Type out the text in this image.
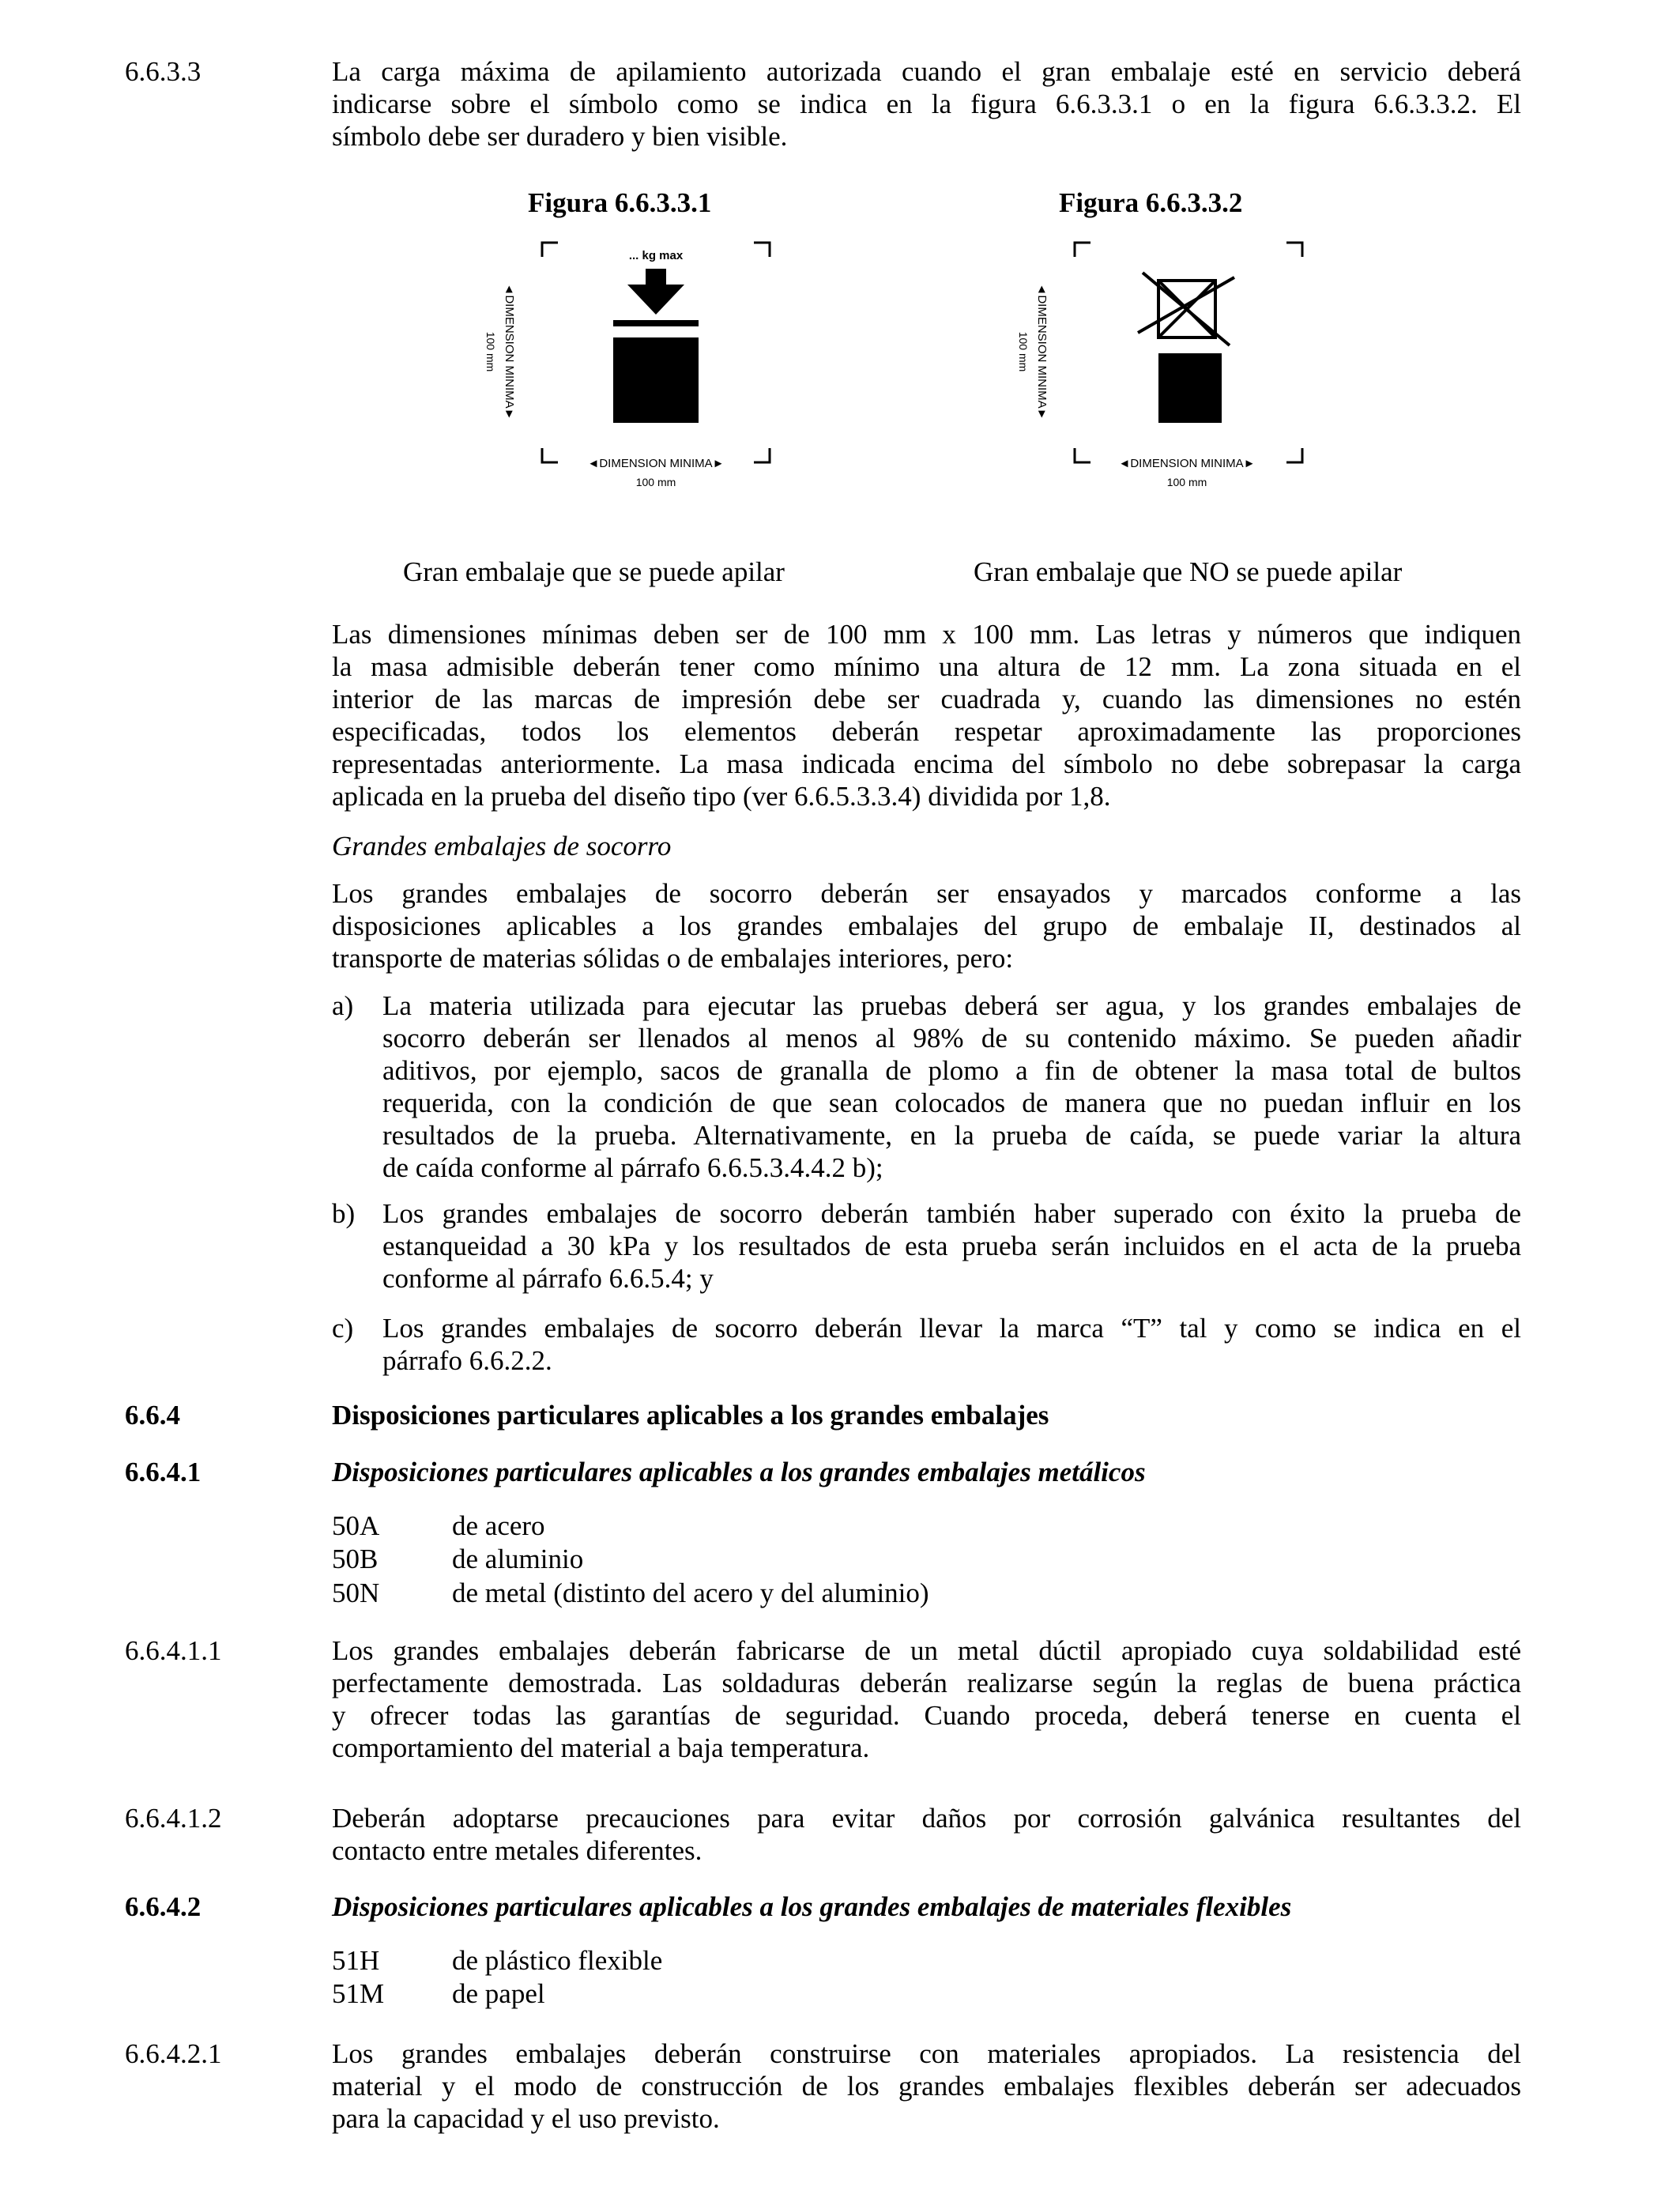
6.6.3.3	La carga máxima de apilamiento autorizada cuando el gran embalaje esté en servicio deberá
indicarse sobre el símbolo como se indica en la figura 6.6.3.3.1 o en la figura 6.6.3.3.2. El
símbolo debe ser duradero y bien visible.
Figura 6.6.3.3.1	Figura 6.6.3.3.2
... kg max
◄DIMENSION MINIMA►
100 mm
◄DIMENSION MINIMA►
100 mm
◄DIMENSION MINIMA►
100 mm
◄DIMENSION MINIMA►
100 mm
Gran embalaje que se puede apilar	Gran embalaje que NO se puede apilar
Las dimensiones mínimas deben ser de 100 mm x 100 mm. Las letras y números que indiquen
la masa admisible deberán tener como mínimo una altura de 12 mm. La zona situada en el
interior de las marcas de impresión debe ser cuadrada y, cuando las dimensiones no estén
especificadas, todos los elementos deberán respetar aproximadamente las proporciones
representadas anteriormente. La masa indicada encima del símbolo no debe sobrepasar la carga
aplicada en la prueba del diseño tipo (ver 6.6.5.3.3.4) dividida por 1,8.
Grandes embalajes de socorro
Los grandes embalajes de socorro deberán ser ensayados y marcados conforme a las
disposiciones aplicables a los grandes embalajes del grupo de embalaje II, destinados al
transporte de materias sólidas o de embalajes interiores, pero:
a) La materia utilizada para ejecutar las pruebas deberá ser agua, y los grandes embalajes de
socorro deberán ser llenados al menos al 98% de su contenido máximo. Se pueden añadir
aditivos, por ejemplo, sacos de granalla de plomo a fin de obtener la masa total de bultos
requerida, con la condición de que sean colocados de manera que no puedan influir en los
resultados de la prueba. Alternativamente, en la prueba de caída, se puede variar la altura
de caída conforme al párrafo 6.6.5.3.4.4.2 b);
b) Los grandes embalajes de socorro deberán también haber superado con éxito la prueba de
estanqueidad a 30 kPa y los resultados de esta prueba serán incluidos en el acta de la prueba
conforme al párrafo 6.6.5.4; y
c) Los grandes embalajes de socorro deberán llevar la marca “T” tal y como se indica en el
párrafo 6.6.2.2.
6.6.4	Disposiciones particulares aplicables a los grandes embalajes
6.6.4.1	Disposiciones particulares aplicables a los grandes embalajes metálicos
50A	de acero
50B	de aluminio
50N	de metal (distinto del acero y del aluminio)
6.6.4.1.1	Los grandes embalajes deberán fabricarse de un metal dúctil apropiado cuya soldabilidad esté
perfectamente demostrada. Las soldaduras deberán realizarse según la reglas de buena práctica
y ofrecer todas las garantías de seguridad. Cuando proceda, deberá tenerse en cuenta el
comportamiento del material a baja temperatura.
6.6.4.1.2	Deberán adoptarse precauciones para evitar daños por corrosión galvánica resultantes del
contacto entre metales diferentes.
6.6.4.2	Disposiciones particulares aplicables a los grandes embalajes de materiales flexibles
51H	de plástico flexible
51M de papel
6.6.4.2.1	Los grandes embalajes deberán construirse con materiales apropiados. La resistencia del
material y el modo de construcción de los grandes embalajes flexibles deberán ser adecuados
para la capacidad y el uso previsto.
